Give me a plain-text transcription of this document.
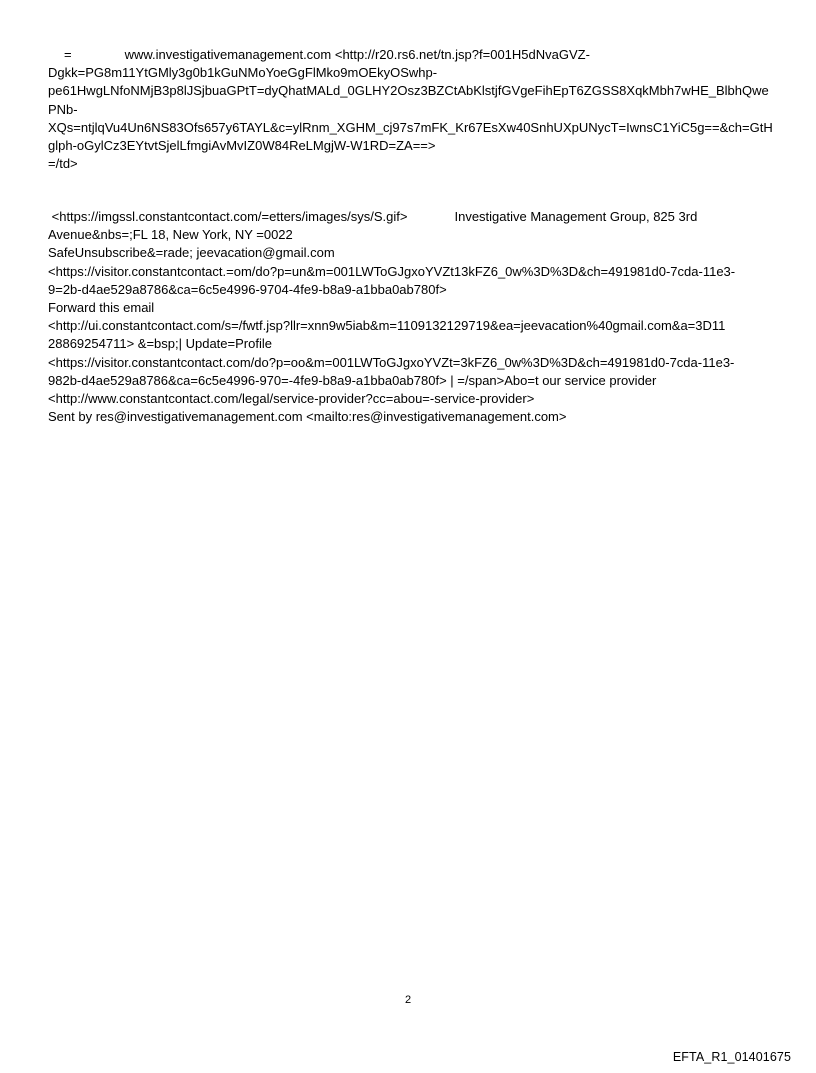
=	www.investigativemanagement.com <http://r20.rs6.net/tn.jsp?f=001H5dNvaGVZ-
Dgkk=PG8m11YtGMly3g0b1kGuNMoYoeGgFlMko9mOEkyOSwhp-
pe61HwgLNfoNMjB3p8lJSjbuaGPtT=dyQhatMALd_0GLHY2Osz3BZCtAbKlstjfGVgeFihEpT6ZGSS8XqkMbh7wHE_BlbhQwe
PNb-
XQs=ntjlqVu4Un6NS83Ofs657y6TAYL&c=ylRnm_XGHM_cj97s7mFK_Kr67EsXw40SnhUXpUNycT=IwnsC1YiC5g==&ch=GtH
glph-oGylCz3EYtvtSjelLfmgiAvMvIZ0W84ReLMgjW-W1RD=ZA==>
=/td>
<https://imgssl.constantcontact.com/=etters/images/sys/S.gif>	Investigative Management Group, 825 3rd
Avenue&nbs=;FL 18, New York, NY =0022
SafeUnsubscribe&=rade; jeevacation@gmail.com
<https://visitor.constantcontact.=om/do?p=un&m=001LWToGJgxoYVZt13kFZ6_0w%3D%3D&ch=491981d0-7cda-11e3-
9=2b-d4ae529a8786&ca=6c5e4996-9704-4fe9-b8a9-a1bba0ab780f>
Forward this email
<http://ui.constantcontact.com/s=/fwtf.jsp?llr=xnn9w5iab&m=1109132129719&ea=jeevacation%40gmail.com&a=3D11
28869254711> &=bsp;| Update=Profile
<https://visitor.constantcontact.com/do?p=oo&m=001LWToGJgxoYVZt=3kFZ6_0w%3D%3D&ch=491981d0-7cda-11e3-
982b-d4ae529a8786&ca=6c5e4996-970=-4fe9-b8a9-a1bba0ab780f> | =/span>Abo=t our service provider
<http://www.constantcontact.com/legal/service-provider?cc=abou=-service-provider>
Sent by res@investigativemanagement.com <mailto:res@investigativemanagement.com>
2
EFTA_R1_01401675
